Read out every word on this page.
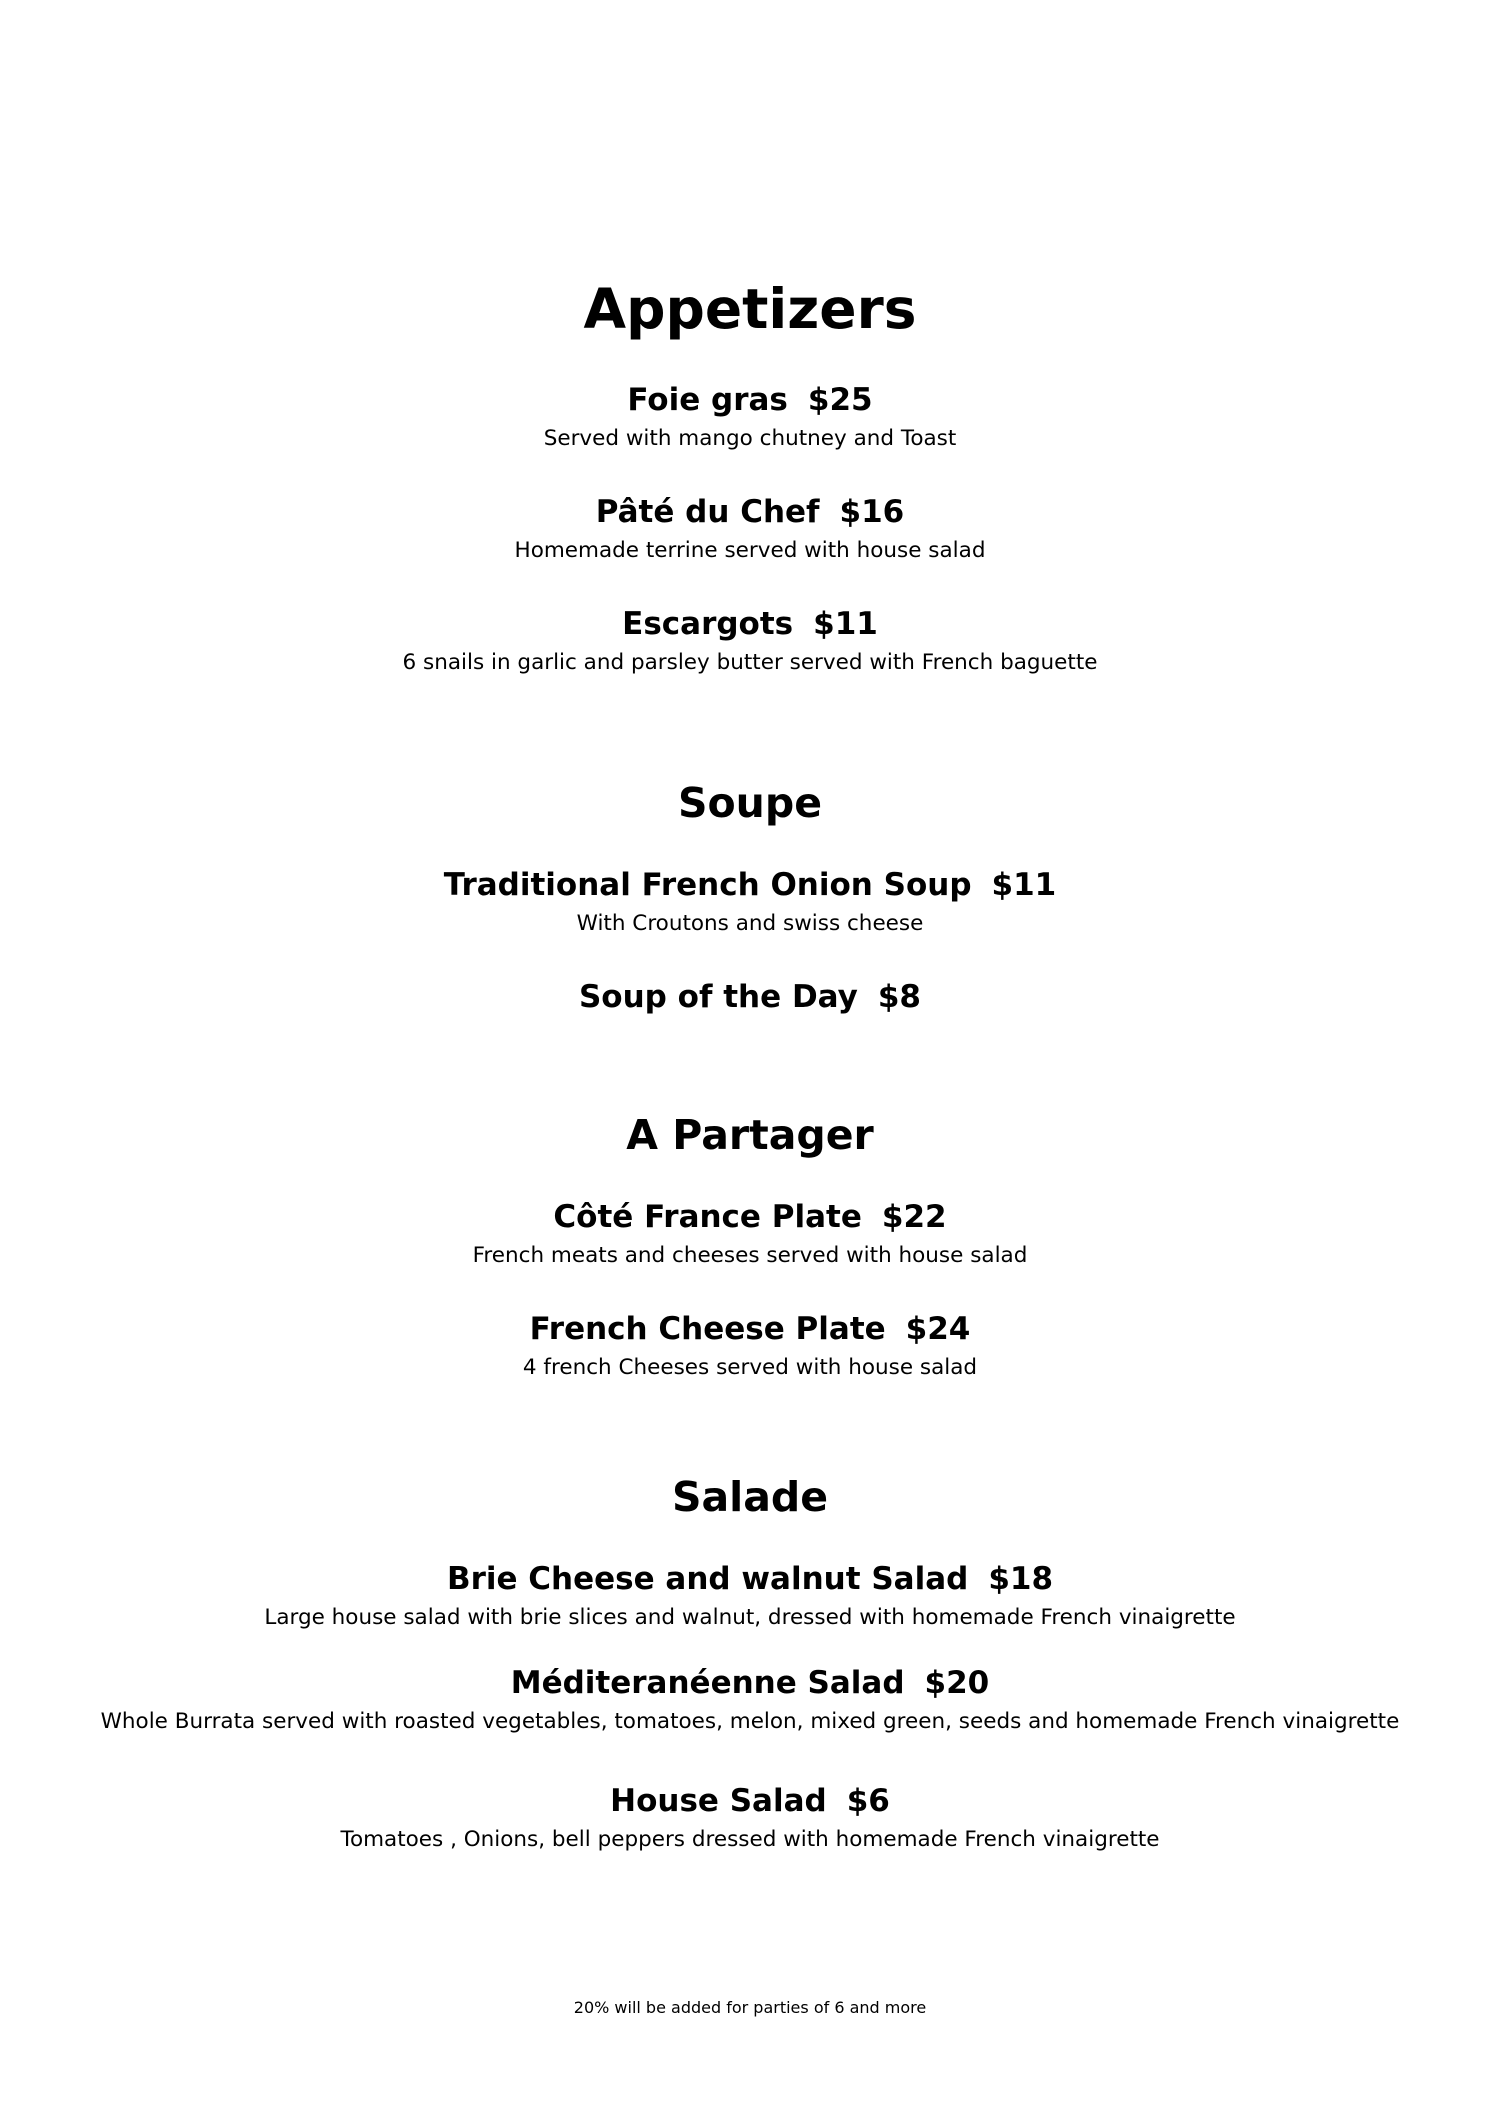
Appetizers
Foie gras $25
Served with mango chutney and Toast
Pâté du Chef $16
Homemade terrine served with house salad
Escargots $11
6 snails in garlic and parsley butter served with French baguette
Soupe
Traditional French Onion Soup $11
With Croutons and swiss cheese
Soup of the Day $8
A Partager
Côté France Plate $22
French meats and cheeses served with house salad
French Cheese Plate $24
4 french Cheeses served with house salad
Salade
Brie Cheese and walnut Salad $18
Large house salad with brie slices and walnut, dressed with homemade French vinaigrette
Méditeranéenne Salad $20
Whole Burrata served with roasted vegetables, tomatoes, melon, mixed green, seeds and homemade French vinaigrette
House Salad $6
Tomatoes , Onions, bell peppers dressed with homemade French vinaigrette
20% will be added for parties of 6 and more
